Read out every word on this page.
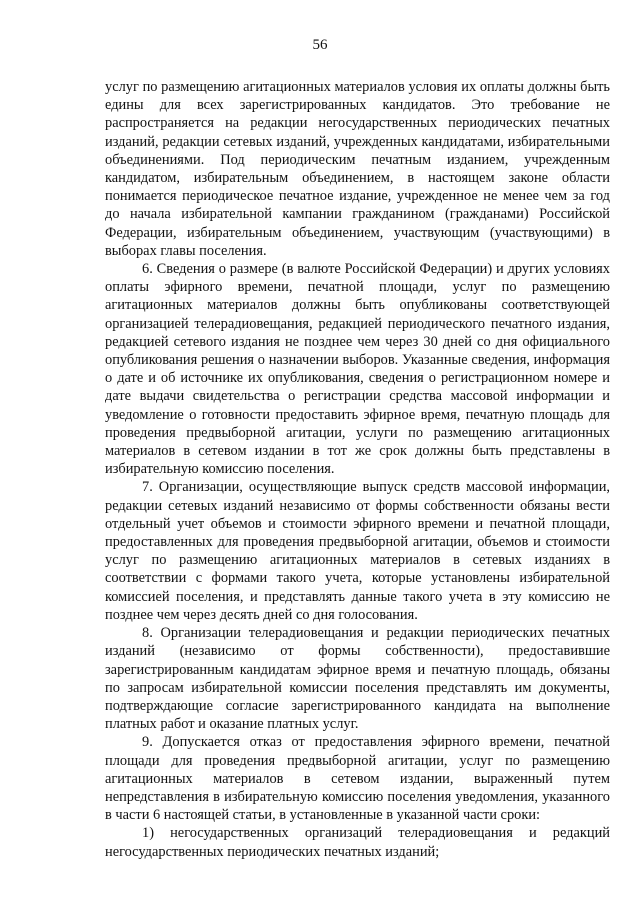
56

услуг по размещению агитационных материалов условия их оплаты должны быть едины для всех зарегистрированных кандидатов. Это требование не распространяется на редакции негосударственных периодических печатных изданий, редакции сетевых изданий, учрежденных кандидатами, избирательными объединениями. Под периодическим печатным изданием, учрежденным кандидатом, избирательным объединением, в настоящем законе области понимается периодическое печатное издание, учрежденное не менее чем за год до начала избирательной кампании гражданином (гражданами) Российской Федерации, избирательным объединением, участвующим (участвующими) в выборах главы поселения.

6. Сведения о размере (в валюте Российской Федерации) и других условиях оплаты эфирного времени, печатной площади, услуг по размещению агитационных материалов должны быть опубликованы соответствующей организацией телерадиовещания, редакцией периодического печатного издания, редакцией сетевого издания не позднее чем через 30 дней со дня официального опубликования решения о назначении выборов. Указанные сведения, информация о дате и об источнике их опубликования, сведения о регистрационном номере и дате выдачи свидетельства о регистрации средства массовой информации и уведомление о готовности предоставить эфирное время, печатную площадь для проведения предвыборной агитации, услуги по размещению агитационных материалов в сетевом издании в тот же срок должны быть представлены в избирательную комиссию поселения.

7. Организации, осуществляющие выпуск средств массовой информации, редакции сетевых изданий независимо от формы собственности обязаны вести отдельный учет объемов и стоимости эфирного времени и печатной площади, предоставленных для проведения предвыборной агитации, объемов и стоимости услуг по размещению агитационных материалов в сетевых изданиях в соответствии с формами такого учета, которые установлены избирательной комиссией поселения, и представлять данные такого учета в эту комиссию не позднее чем через десять дней со дня голосования.

8. Организации телерадиовещания и редакции периодических печатных изданий (независимо от формы собственности), предоставившие зарегистрированным кандидатам эфирное время и печатную площадь, обязаны по запросам избирательной комиссии поселения представлять им документы, подтверждающие согласие зарегистрированного кандидата на выполнение платных работ и оказание платных услуг.

9. Допускается отказ от предоставления эфирного времени, печатной площади для проведения предвыборной агитации, услуг по размещению агитационных материалов в сетевом издании, выраженный путем непредставления в избирательную комиссию поселения уведомления, указанного в части 6 настоящей статьи, в установленные в указанной части сроки:

1) негосударственных организаций телерадиовещания и редакций негосударственных периодических печатных изданий;
